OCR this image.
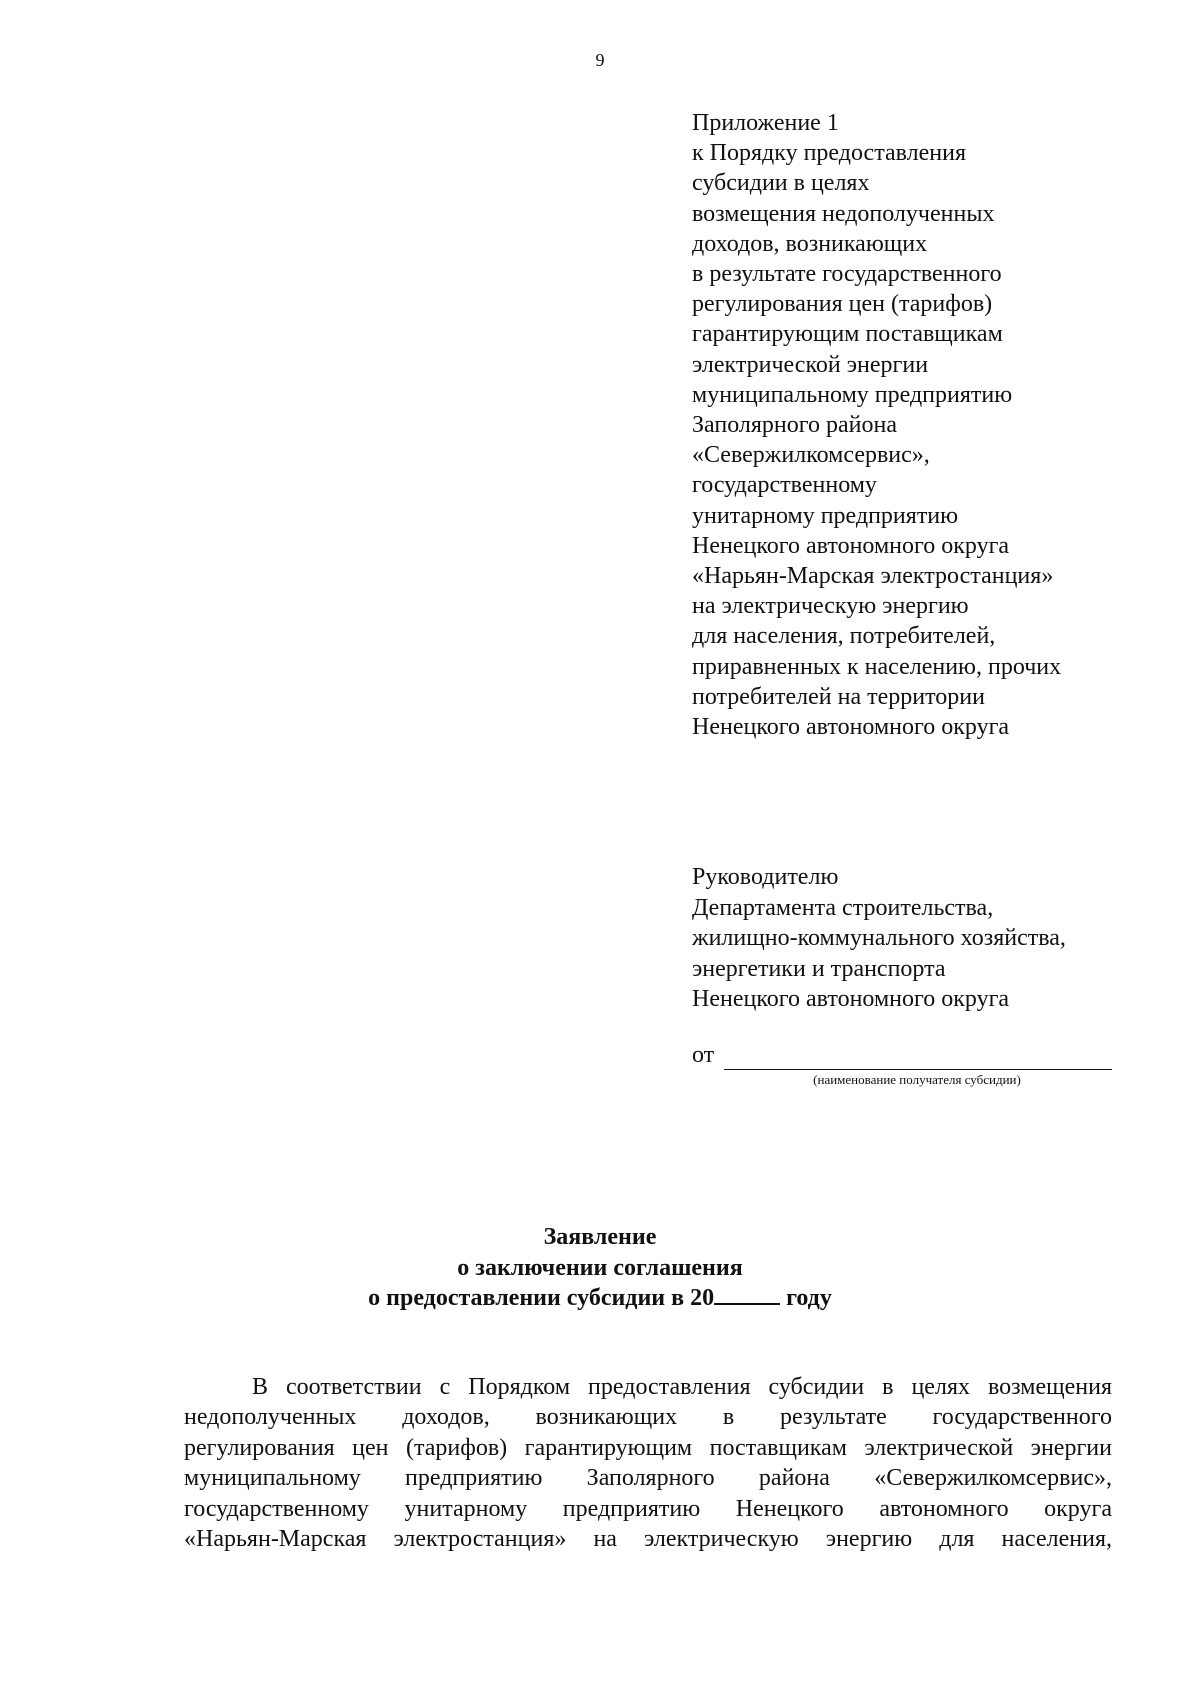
9
Приложение 1
к Порядку предоставления
субсидии в целях
возмещения недополученных
доходов, возникающих
в результате государственного
регулирования цен (тарифов)
гарантирующим поставщикам
электрической энергии
муниципальному предприятию
Заполярного района
«Севержилкомсервис»,
государственному
унитарному предприятию
Ненецкого автономного округа
«Нарьян-Марская электростанция»
на электрическую энергию
для населения, потребителей,
приравненных к населению, прочих
потребителей на территории
Ненецкого автономного округа
Руководителю
Департамента строительства,
жилищно-коммунального хозяйства,
энергетики и транспорта
Ненецкого автономного округа
от
(наименование получателя субсидии)
Заявление
о заключении соглашения
о предоставлении субсидии в 20	году
В соответствии с Порядком предоставления субсидии в целях возмещения
недополученных доходов, возникающих в результате государственного
регулирования цен (тарифов) гарантирующим поставщикам электрической энергии
муниципальному предприятию Заполярного района «Севержилкомсервис»,
государственному унитарному предприятию Ненецкого автономного округа
«Нарьян-Марская электростанция» на электрическую энергию для населения,
